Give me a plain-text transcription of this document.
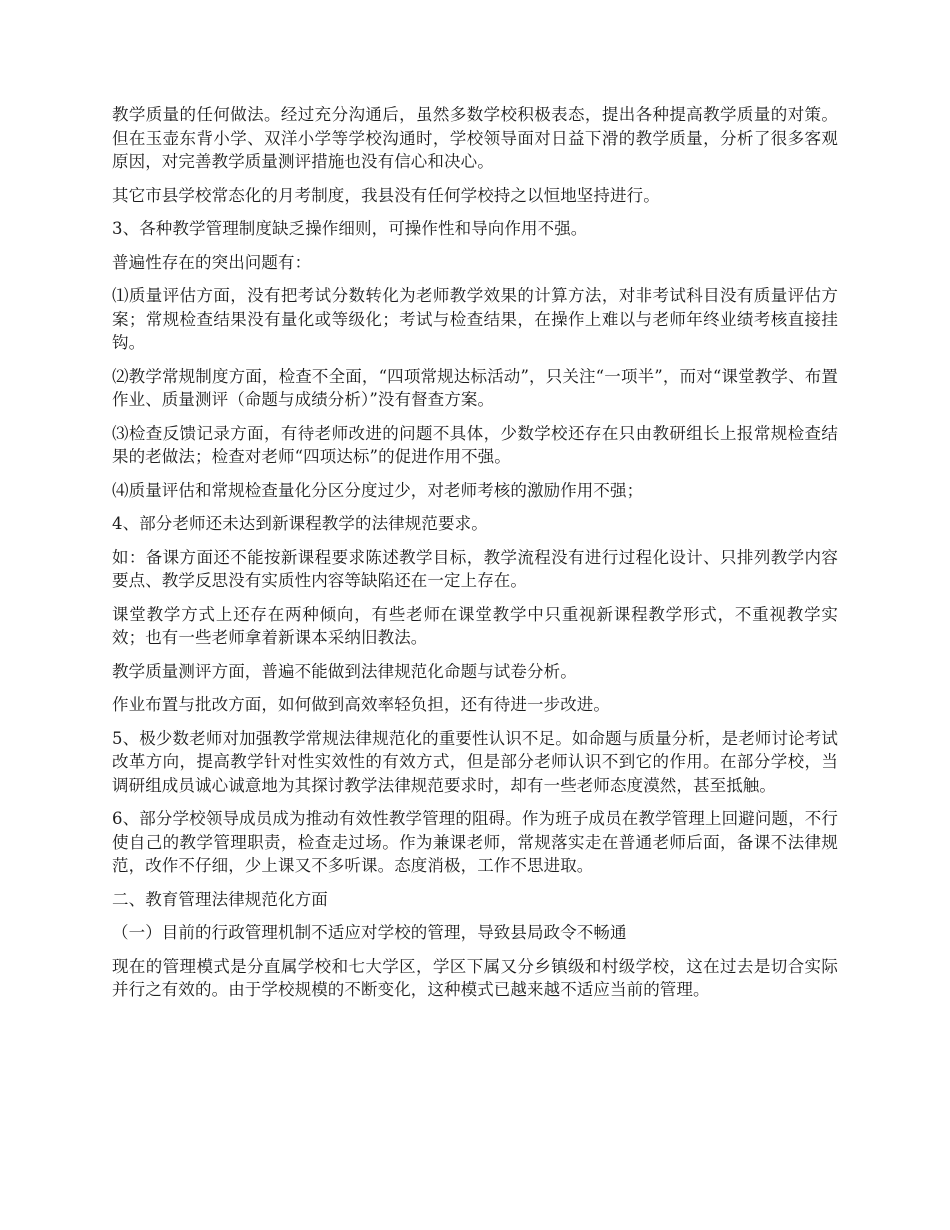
教学质量的任何做法。经过充分沟通后，虽然多数学校积极表态，提出各种提高教学质量的对策。但在玉壶东背小学、双洋小学等学校沟通时，学校领导面对日益下滑的教学质量，分析了很多客观原因，对完善教学质量测评措施也没有信心和决心。

其它市县学校常态化的月考制度，我县没有任何学校持之以恒地坚持进行。

3、各种教学管理制度缺乏操作细则，可操作性和导向作用不强。

普遍性存在的突出问题有：

⑴质量评估方面，没有把考试分数转化为老师教学效果的计算方法，对非考试科目没有质量评估方案；常规检查结果没有量化或等级化；考试与检查结果，在操作上难以与老师年终业绩考核直接挂钩。

⑵教学常规制度方面，检查不全面，“四项常规达标活动”，只关注“一项半”，而对“课堂教学、布置作业、质量测评（命题与成绩分析）”没有督查方案。

⑶检查反馈记录方面，有待老师改进的问题不具体，少数学校还存在只由教研组长上报常规检查结果的老做法；检查对老师“四项达标”的促进作用不强。

⑷质量评估和常规检查量化分区分度过少，对老师考核的激励作用不强；

4、部分老师还未达到新课程教学的法律规范要求。

如：备课方面还不能按新课程要求陈述教学目标，教学流程没有进行过程化设计、只排列教学内容要点、教学反思没有实质性内容等缺陷还在一定上存在。

课堂教学方式上还存在两种倾向，有些老师在课堂教学中只重视新课程教学形式，不重视教学实效；也有一些老师拿着新课本采纳旧教法。

教学质量测评方面，普遍不能做到法律规范化命题与试卷分析。

作业布置与批改方面，如何做到高效率轻负担，还有待进一步改进。

5、极少数老师对加强教学常规法律规范化的重要性认识不足。如命题与质量分析，是老师讨论考试改革方向，提高教学针对性实效性的有效方式，但是部分老师认识不到它的作用。在部分学校，当调研组成员诚心诚意地为其探讨教学法律规范要求时，却有一些老师态度漠然，甚至抵触。

6、部分学校领导成员成为推动有效性教学管理的阻碍。作为班子成员在教学管理上回避问题，不行使自己的教学管理职责，检查走过场。作为兼课老师，常规落实走在普通老师后面，备课不法律规范，改作不仔细，少上课又不多听课。态度消极，工作不思进取。

二、教育管理法律规范化方面

（一）目前的行政管理机制不适应对学校的管理，导致县局政令不畅通

现在的管理模式是分直属学校和七大学区，学区下属又分乡镇级和村级学校，这在过去是切合实际并行之有效的。由于学校规模的不断变化，这种模式已越来越不适应当前的管理。
